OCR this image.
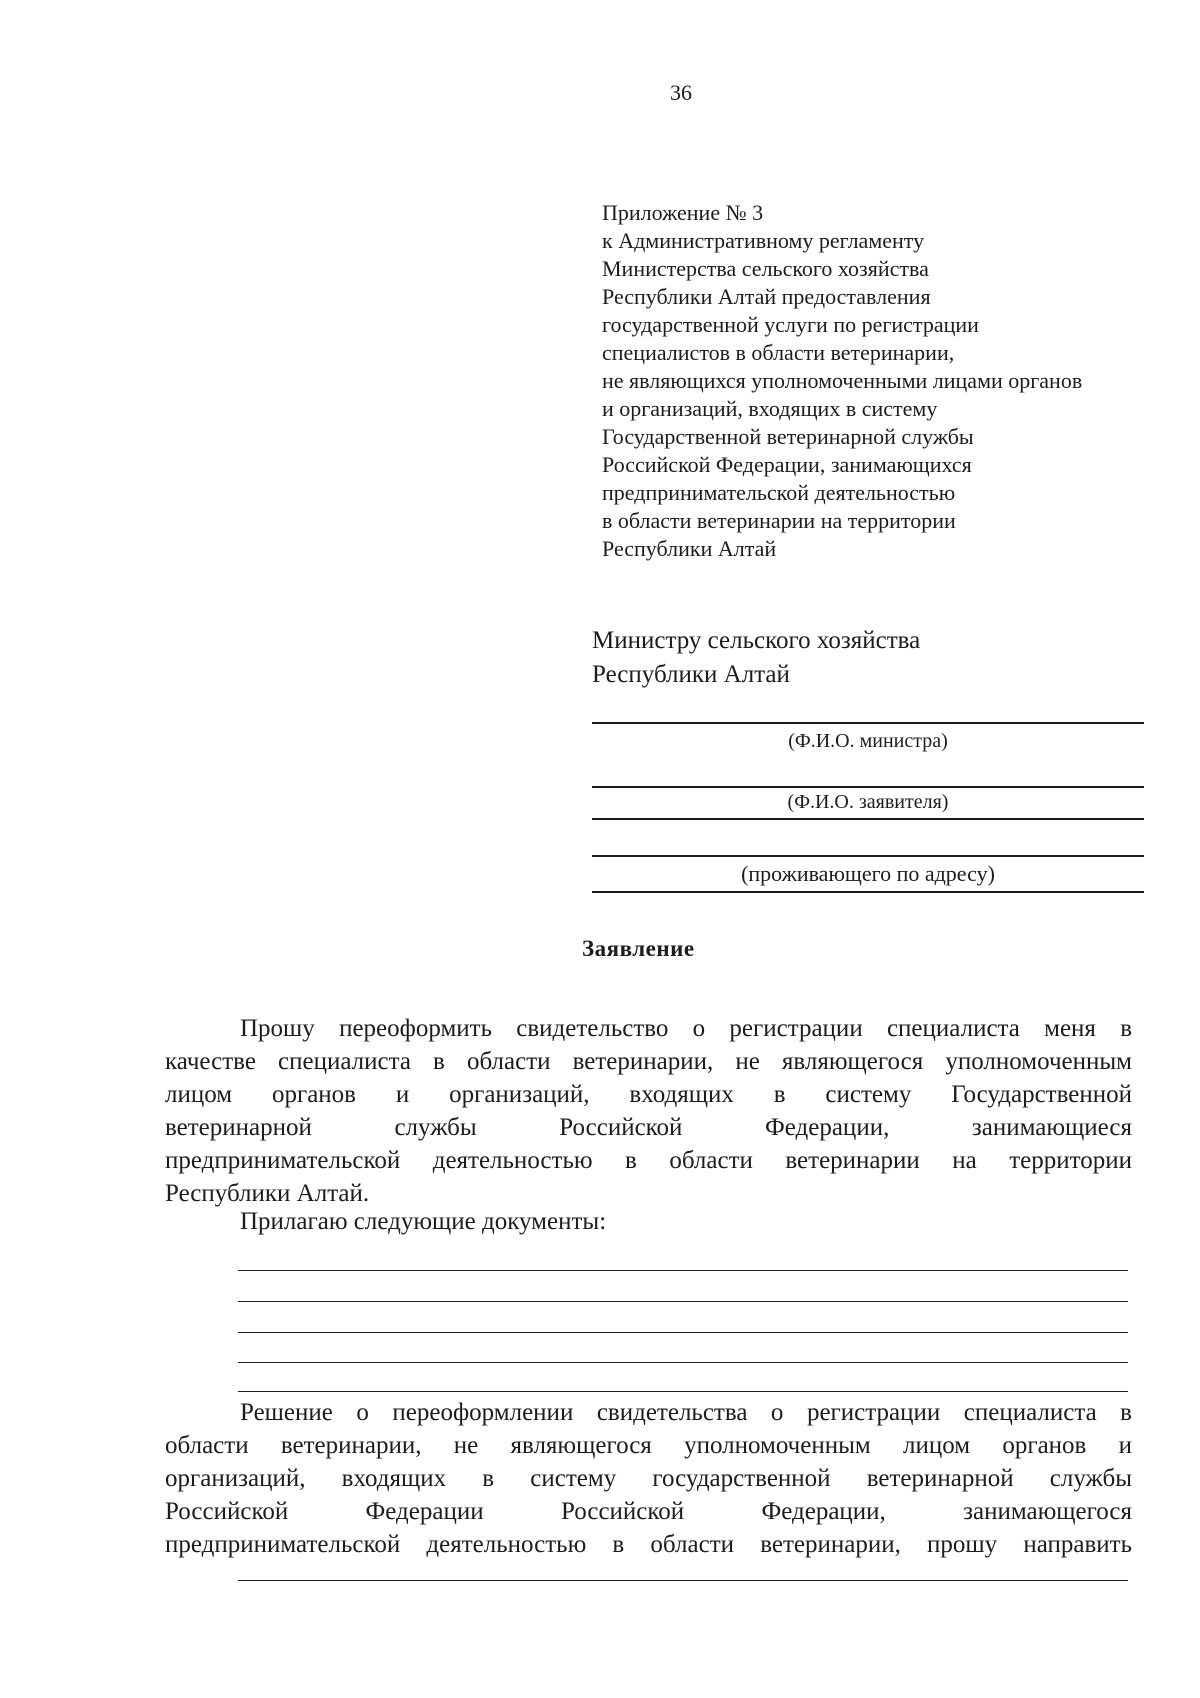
36
Приложение № 3
к Административному регламенту
Министерства сельского хозяйства
Республики Алтай предоставления
государственной услуги по регистрации
специалистов в области ветеринарии,
не являющихся уполномоченными лицами органов
и организаций, входящих в систему
Государственной ветеринарной службы
Российской Федерации, занимающихся
предпринимательской деятельностью
в области ветеринарии на территории
Республики Алтай
Министру сельского хозяйства
Республики Алтай
(Ф.И.О. министра)
(Ф.И.О. заявителя)
(проживающего по адресу)
Заявление
Прошу переоформить свидетельство о регистрации специалиста меня в
качестве специалиста в области ветеринарии, не являющегося уполномоченным
лицом органов и организаций, входящих в систему Государственной
ветеринарной службы Российской Федерации, занимающиеся
предпринимательской деятельностью в области ветеринарии на территории
Республики Алтай.
Прилагаю следующие документы:
Решение о переоформлении свидетельства о регистрации специалиста в
области ветеринарии, не являющегося уполномоченным лицом органов и
организаций, входящих в систему государственной ветеринарной службы
Российской Федерации Российской Федерации, занимающегося
предпринимательской деятельностью в области ветеринарии, прошу направить
